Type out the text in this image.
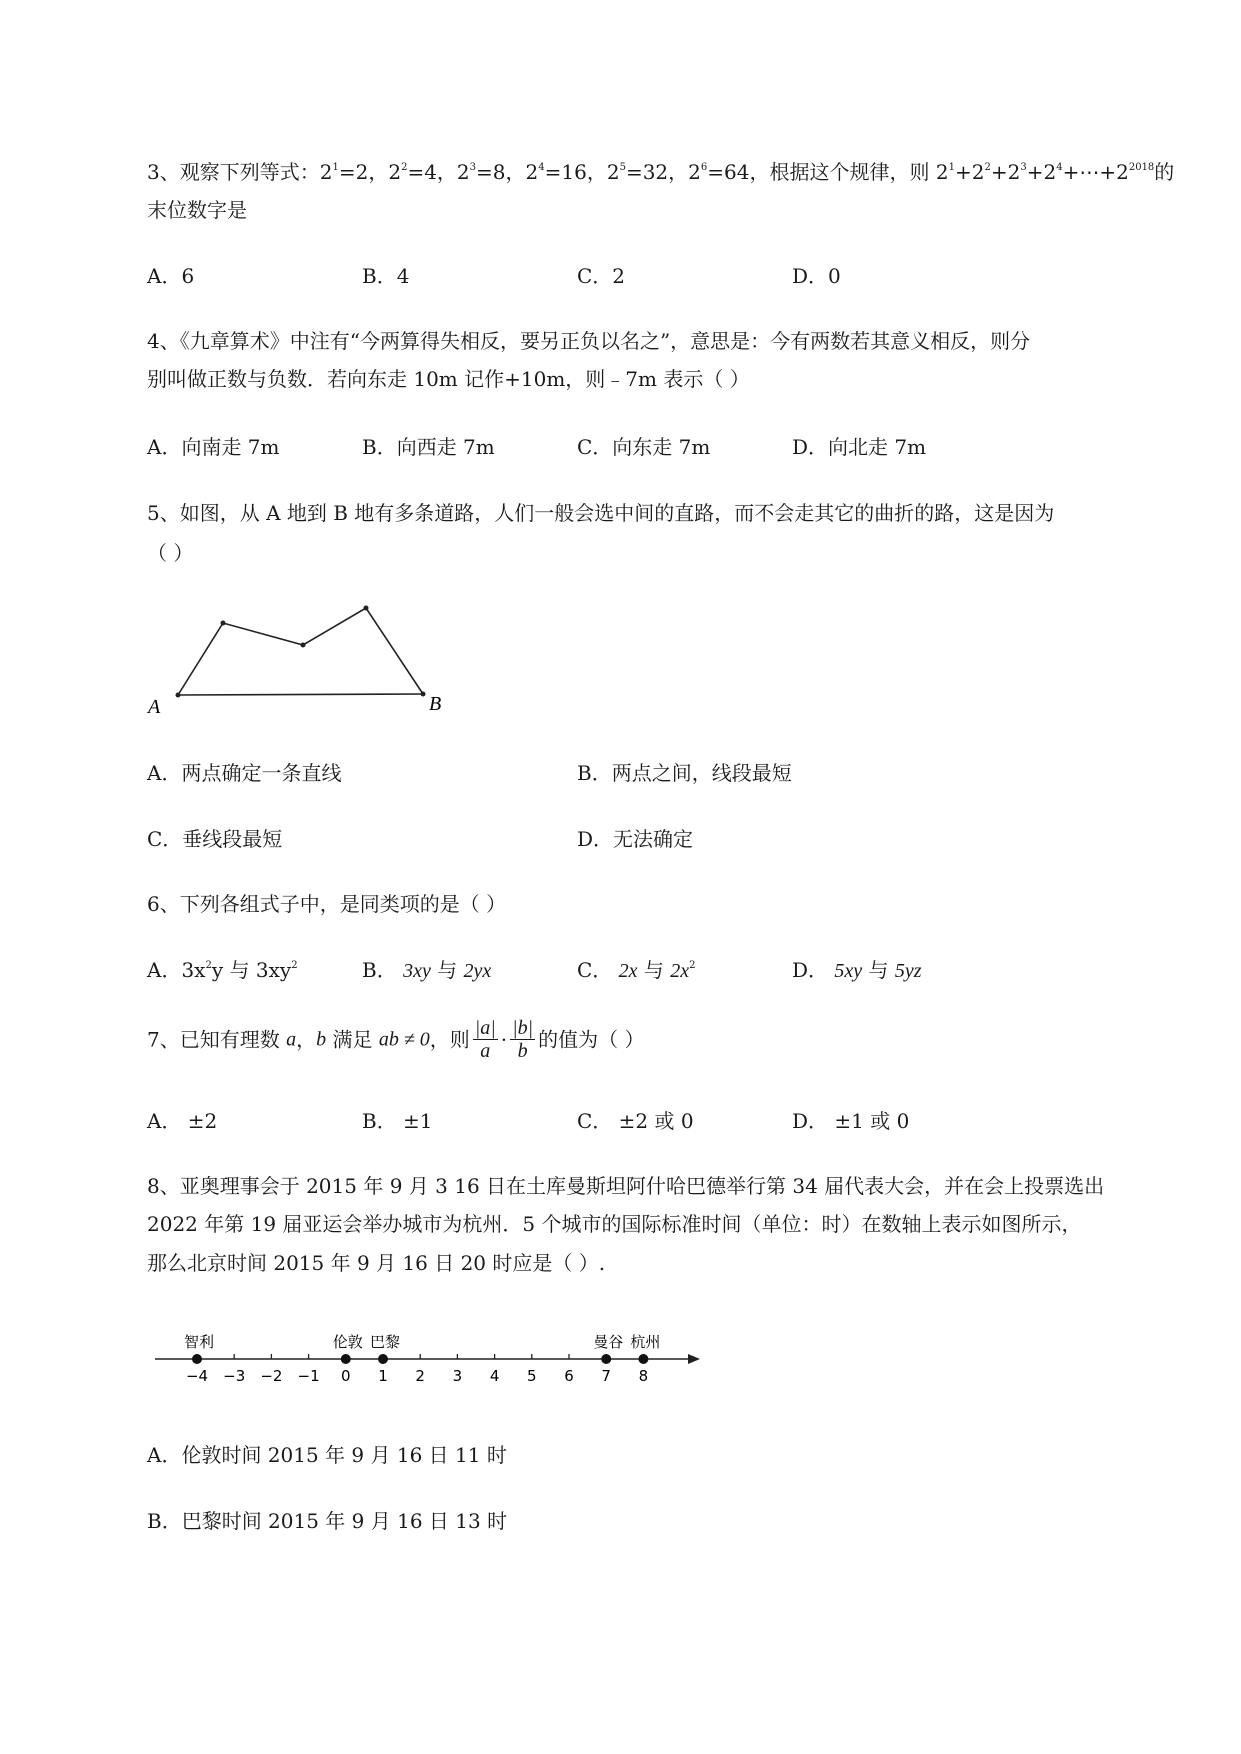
3、观察下列等式：$2^1=2$，$2^2=4$，$2^3=8$，$2^4=16$，$2^5=32$，$2^6=64$，根据这个规律，则 $2^1+2^2+2^3+2^4+\cdots+2^{2018}$的
末位数字是
A．6	B．4	C．2	D．0
4、《九章算术》中注有“今两算得失相反，要另正负以名之”，意思是：今有两数若其意义相反，则分
别叫做正数与负数．若向东走 10m 记作+10m，则﹣7m 表示（ ）
A．向南走 7m	B．向西走 7m	C．向东走 7m	D．向北走 7m
5、如图，从 A 地到 B 地有多条道路，人们一般会选中间的直路，而不会走其它的曲折的路，这是因为
（ ）
A	B
A．两点确定一条直线	B．两点之间，线段最短
C．垂线段最短	D．无法确定
6、下列各组式子中，是同类项的是（ ）
A．$3x^2y$ 与 $3xy^2$	B． 3xy 与 2yx	C． 2x 与 $2x^2$	D． 5xy 与 5yz
7、已知有理数 a，b 满足 ab ≠ 0，则 $\frac{|a|}{a} \cdot \frac{|b|}{b}$ 的值为（ ）
A． ±2	B． ±1	C． ±2 或 0	D． ±1 或 0
8、亚奥理事会于 2015 年 9 月 3 16 日在土库曼斯坦阿什哈巴德举行第 34 届代表大会，并在会上投票选出
2022 年第 19 届亚运会举办城市为杭州．5 个城市的国际标准时间（单位：时）在数轴上表示如图所示，
那么北京时间 2015 年 9 月 16 日 20 时应是（ ）.
−4 −3 −2 −1 0 1 2 3 4 5 6 7 8
智利	伦敦 巴黎	曼谷 杭州
A．伦敦时间 2015 年 9 月 16 日 11 时
B．巴黎时间 2015 年 9 月 16 日 13 时
